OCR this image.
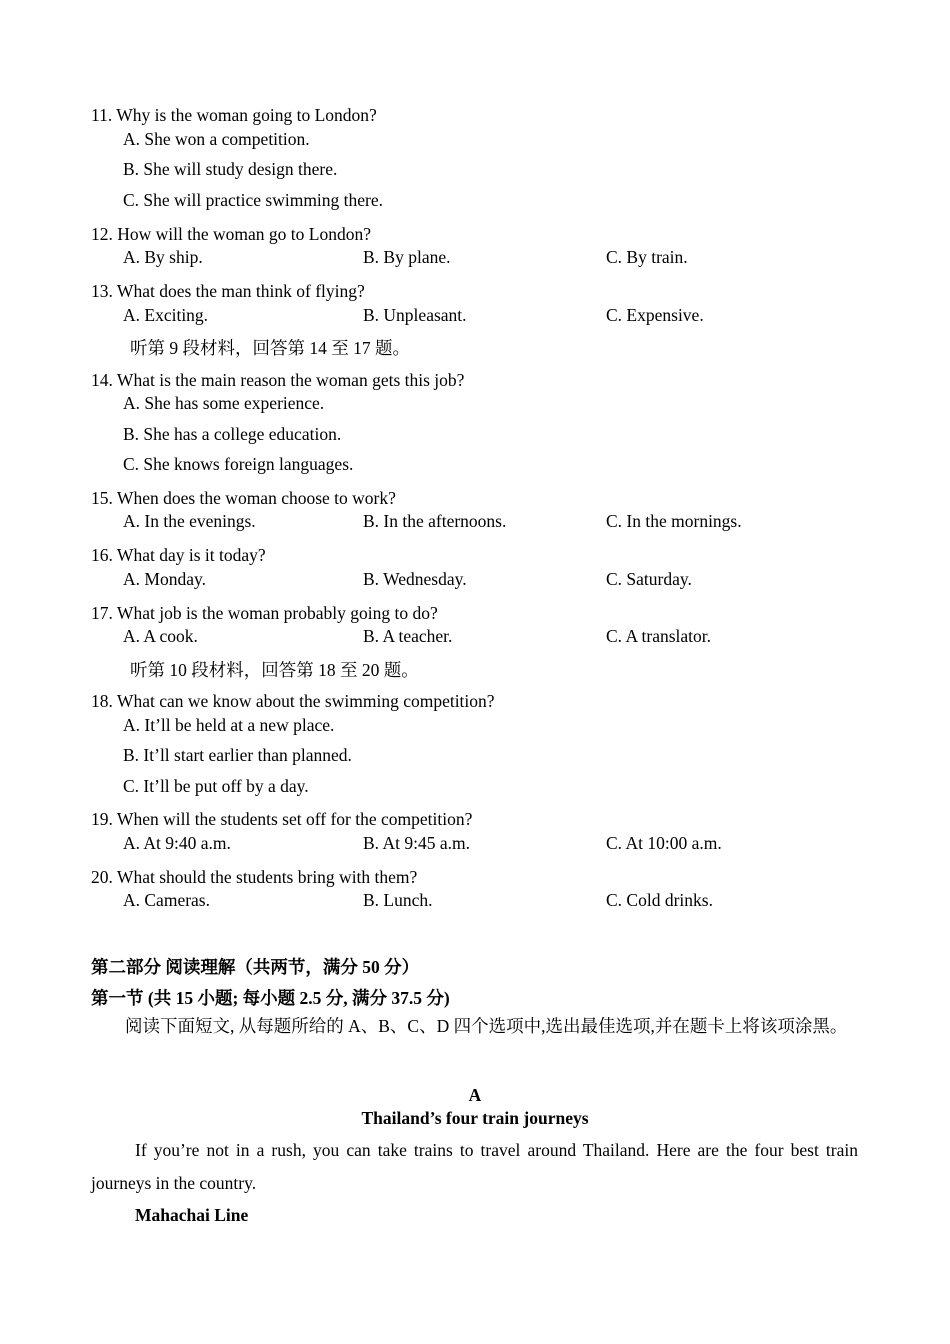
11. Why is the woman going to London?
A. She won a competition.
B. She will study design there.
C. She will practice swimming there.
12. How will the woman go to London?
A. By ship.	B. By plane.	C. By train.
13. What does the man think of flying?
A. Exciting.	B. Unpleasant.	C. Expensive.
听第 9 段材料，回答第 14 至 17 题。
14. What is the main reason the woman gets this job?
A. She has some experience.
B. She has a college education.
C. She knows foreign languages.
15. When does the woman choose to work?
A. In the evenings.	B. In the afternoons.	C. In the mornings.
16. What day is it today?
A. Monday.	B. Wednesday.	C. Saturday.
17. What job is the woman probably going to do?
A. A cook.	B. A teacher.	C. A translator.
听第 10 段材料，回答第 18 至 20 题。
18. What can we know about the swimming competition?
A. It’ll be held at a new place.
B. It’ll start earlier than planned.
C. It’ll be put off by a day.
19. When will the students set off for the competition?
A. At 9:40 a.m.	B. At 9:45 a.m.	C. At 10:00 a.m.
20. What should the students bring with them?
A. Cameras.	B. Lunch.	C. Cold drinks.
第二部分 阅读理解（共两节，满分 50 分）
第一节 (共 15 小题; 每小题 2.5 分, 满分 37.5 分)
阅读下面短文, 从每题所给的 A、B、C、D 四个选项中,选出最佳选项,并在题卡上将该项涂黑。
A
Thailand’s four train journeys
If you’re not in a rush, you can take trains to travel around Thailand. Here are the four best train journeys in the country.
Mahachai Line
